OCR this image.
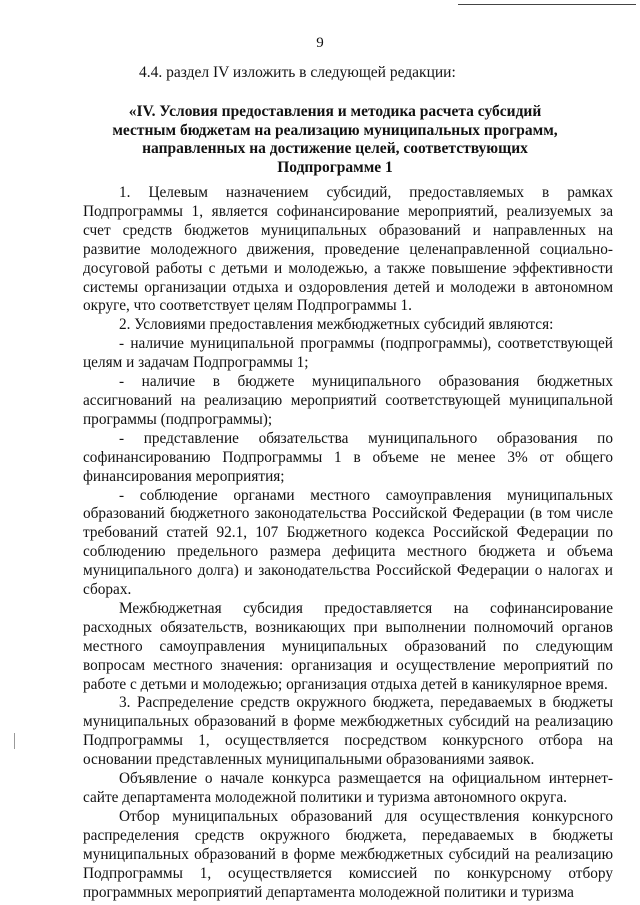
9
4.4. раздел IV изложить в следующей редакции:
«IV. Условия предоставления и методика расчета субсидий
местным бюджетам на реализацию муниципальных программ,
направленных на достижение целей, соответствующих
Подпрограмме 1

1. Целевым назначением субсидий, предоставляемых в рамках Подпрограммы 1, является софинансирование мероприятий, реализуемых за счет средств бюджетов муниципальных образований и направленных на развитие молодежного движения, проведение целенаправленной социально-досуговой работы с детьми и молодежью, а также повышение эффективности системы организации отдыха и оздоровления детей и молодежи в автономном округе, что соответствует целям Подпрограммы 1.

2. Условиями предоставления межбюджетных субсидий являются:

- наличие муниципальной программы (подпрограммы), соответствующей целям и задачам Подпрограммы 1;

- наличие в бюджете муниципального образования бюджетных ассигнований на реализацию мероприятий соответствующей муниципальной программы (подпрограммы);

- представление обязательства муниципального образования по софинансированию Подпрограммы 1 в объеме не менее 3% от общего финансирования мероприятия;

- соблюдение органами местного самоуправления муниципальных образований бюджетного законодательства Российской Федерации (в том числе требований статей 92.1, 107 Бюджетного кодекса Российской Федерации по соблюдению предельного размера дефицита местного бюджета и объема муниципального долга) и законодательства Российской Федерации о налогах и сборах.

Межбюджетная субсидия предоставляется на софинансирование расходных обязательств, возникающих при выполнении полномочий органов местного самоуправления муниципальных образований по следующим вопросам местного значения: организация и осуществление мероприятий по работе с детьми и молодежью; организация отдыха детей в каникулярное время.

3. Распределение средств окружного бюджета, передаваемых в бюджеты муниципальных образований в форме межбюджетных субсидий на реализацию Подпрограммы 1, осуществляется посредством конкурсного отбора на основании представленных муниципальными образованиями заявок.

Объявление о начале конкурса размещается на официальном интернет-сайте департамента молодежной политики и туризма автономного округа.

Отбор муниципальных образований для осуществления конкурсного распределения средств окружного бюджета, передаваемых в бюджеты муниципальных образований в форме межбюджетных субсидий на реализацию Подпрограммы 1, осуществляется комиссией по конкурсному отбору программных мероприятий департамента молодежной политики и туризма
